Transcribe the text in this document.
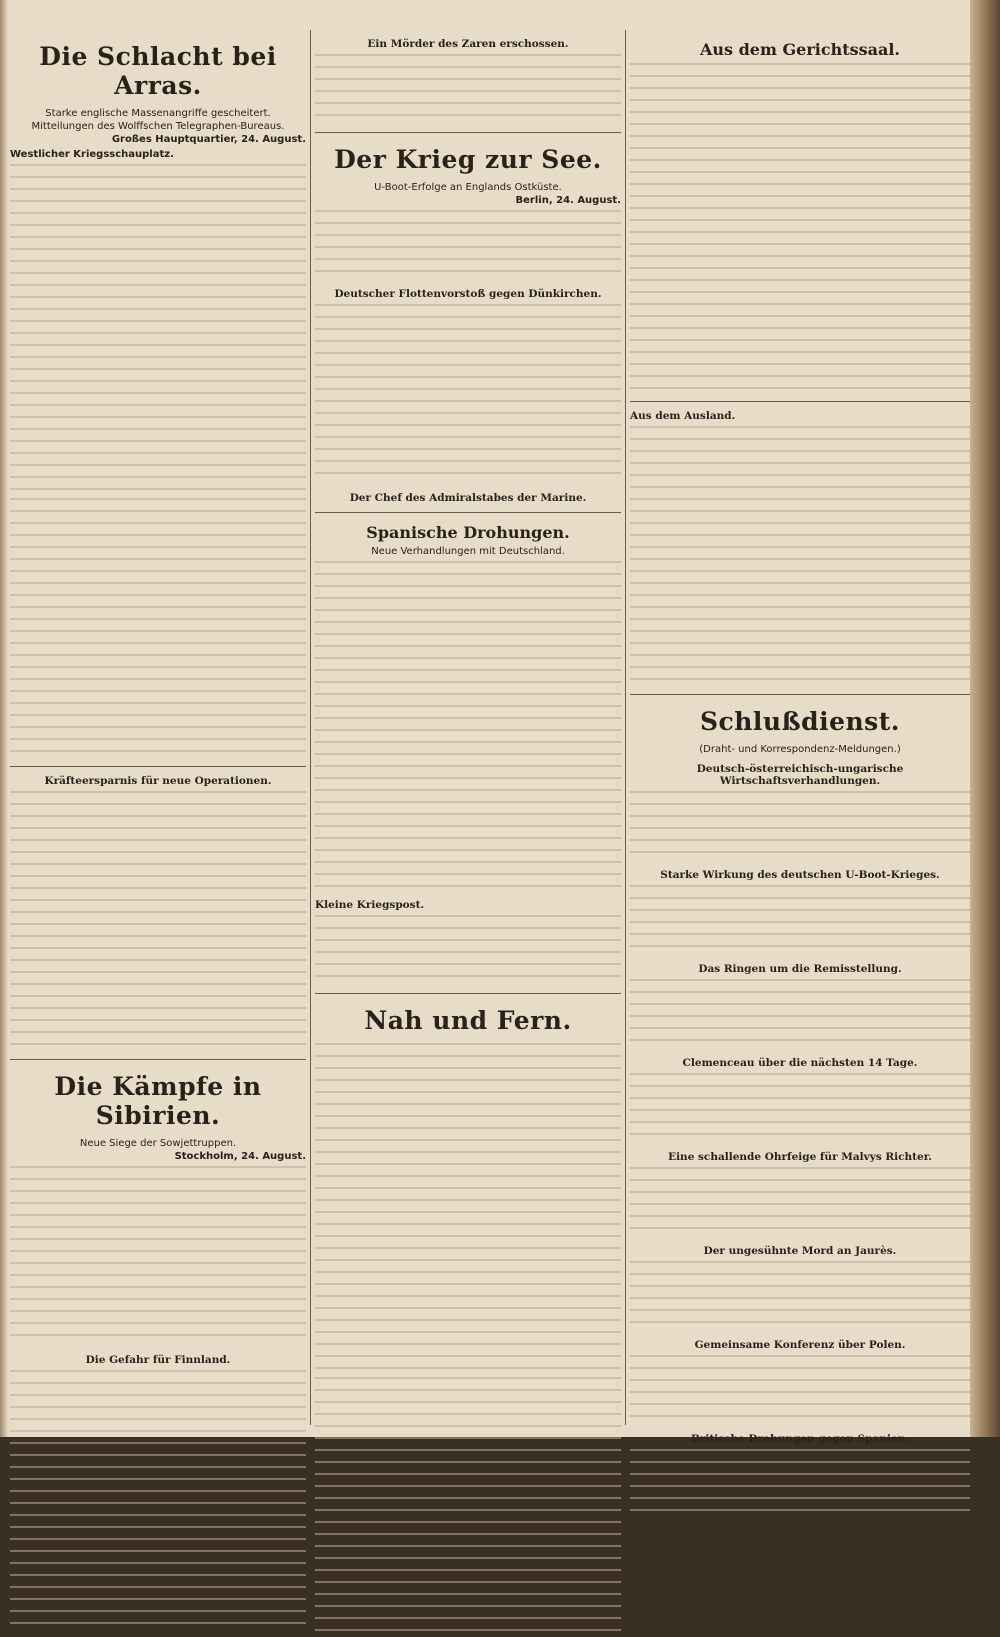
Die Schlacht bei Arras.
Starke englische Massenangriffe gescheitert.
Mitteilungen des Wolffschen Telegraphen-Bureaus.
Großes Hauptquartier, 24. August.
Westlicher Kriegsschauplatz.
Kräfteersparnis für neue Operationen.
Die Kämpfe in Sibirien.
Neue Siege der Sowjettruppen.
Stockholm, 24. August.
Die Gefahr für Finnland.
Ein Mörder des Zaren erschossen.
Der Krieg zur See.
U-Boot-Erfolge an Englands Ostküste.
Berlin, 24. August.
Deutscher Flottenvorstoß gegen Dünkirchen.
Der Chef des Admiralstabes der Marine.
Spanische Drohungen.
Neue Verhandlungen mit Deutschland.
Kleine Kriegspost.
Nah und Fern.
Aus dem Gerichtssaal.
Aus dem Ausland.
Schlußdienst.
(Draht- und Korrespondenz-Meldungen.)
Deutsch-österreichisch-ungarische Wirtschaftsverhandlungen.
Starke Wirkung des deutschen U-Boot-Krieges.
Das Ringen um die Remisstellung.
Clemenceau über die nächsten 14 Tage.
Eine schallende Ohrfeige für Malvys Richter.
Der ungesühnte Mord an Jaurès.
Gemeinsame Konferenz über Polen.
Britische Drohungen gegen Spanien.
